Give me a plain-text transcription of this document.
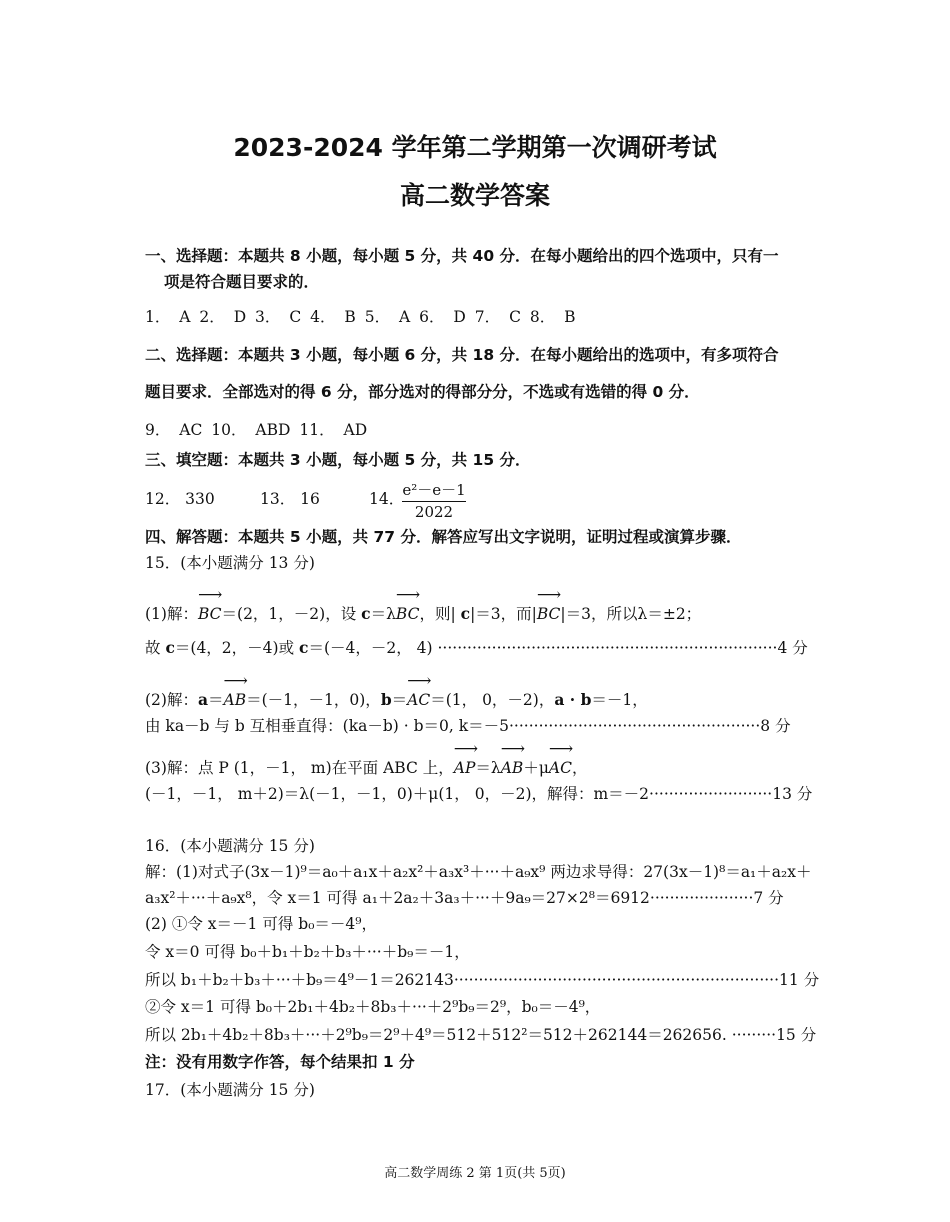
2023-2024 学年第二学期第一次调研考试
高二数学答案
一、选择题：本题共 8 小题，每小题 5 分，共 40 分．在每小题给出的四个选项中，只有一
项是符合题目要求的．
1． A 2． D 3． C 4． B 5． A 6． D 7． C 8． B
二、选择题：本题共 3 小题，每小题 6 分，共 18 分．在每小题给出的选项中，有多项符合
题目要求．全部选对的得 6 分，部分选对的得部分分，不选或有选错的得 0 分．
9． AC 10． ABD 11． AD
三、填空题：本题共 3 小题，每小题 5 分，共 15 分．
12． 330	13． 16	14．
$\frac{\text{e²－e－1}}{2022}$
四、解答题：本题共 5 小题，共 77 分．解答应写出文字说明，证明过程或演算步骤．
15．(本小题满分 13 分)
(1)解：⟶ BC＝(2，1，－2)，设 c＝λ⟶ BC，则| c|＝3，而|⟶ BC|＝3，所以λ＝±2；
故 c＝(4，2，－4)或 c＝(－4，－2， 4) ·····································································4 分
(2)解：a＝⟶ AB＝(－1，－1，0)，b＝⟶ AC＝(1， 0，－2)，a · b＝－1，
由 ka－b 与 b 互相垂直得：(ka－b) · b＝0, k＝－5···················································8 分
(3)解：点 P (1，－1， m)在平面 ABC 上，⟶ AP＝λ⟶ AB＋μ⟶ AC，
(－1，－1， m＋2)＝λ(－1，－1，0)＋μ(1， 0，－2)，解得：m＝－2·························13 分
16．(本小题满分 15 分)
解：(1)对式子(3x－1)⁹＝a₀＋a₁x＋a₂x²＋a₃x³＋···＋a₉x⁹ 两边求导得：27(3x－1)⁸＝a₁＋a₂x＋
a₃x²＋···＋a₉x⁸，令 x＝1 可得 a₁＋2a₂＋3a₃＋···＋9a₉＝27×2⁸＝6912·····················7 分
(2) ①令 x＝－1 可得 b₀＝－4⁹，
令 x＝0 可得 b₀＋b₁＋b₂＋b₃＋···＋b₉＝－1，
所以 b₁＋b₂＋b₃＋···＋b₉＝4⁹－1＝262143··································································11 分
②令 x＝1 可得 b₀＋2b₁＋4b₂＋8b₃＋···＋2⁹b₉＝2⁹，b₀＝－4⁹，
所以 2b₁＋4b₂＋8b₃＋···＋2⁹b₉＝2⁹＋4⁹＝512＋512²＝512＋262144＝262656. ·········15 分
注：没有用数字作答，每个结果扣 1 分
17．(本小题满分 15 分)
高二数学周练 2 第 1页(共 5页)
